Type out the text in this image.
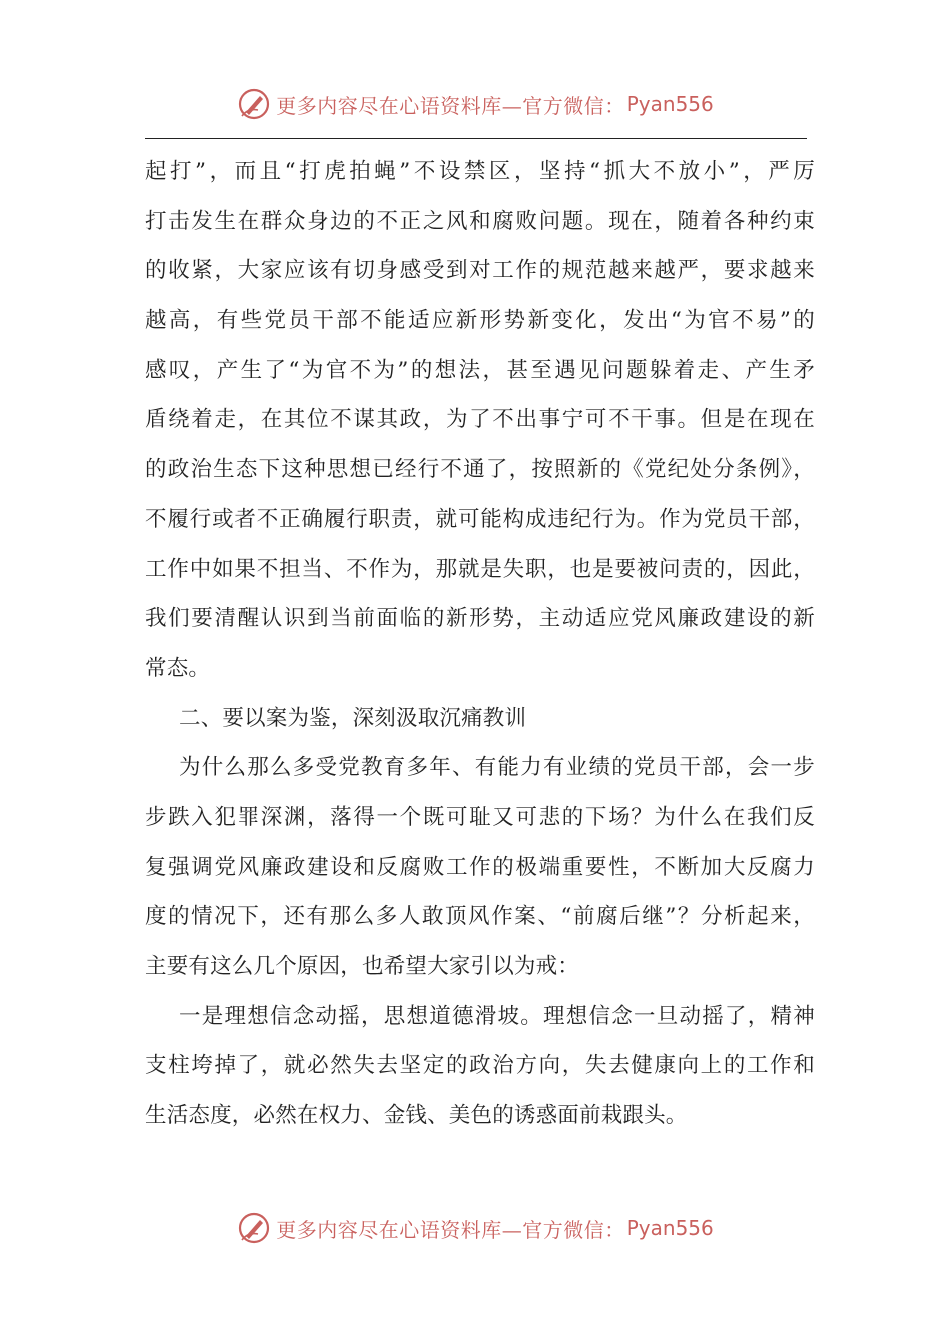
更多内容尽在心语资料库—官方微信： Pyan556
起打”，而且“打虎拍蝇”不设禁区，坚持“抓大不放小”，严厉
打击发生在群众身边的不正之风和腐败问题。现在，随着各种约束
的收紧，大家应该有切身感受到对工作的规范越来越严，要求越来
越高，有些党员干部不能适应新形势新变化，发出“为官不易”的
感叹，产生了“为官不为”的想法，甚至遇见问题躲着走、产生矛
盾绕着走，在其位不谋其政，为了不出事宁可不干事。但是在现在
的政治生态下这种思想已经行不通了，按照新的《党纪处分条例》，
不履行或者不正确履行职责，就可能构成违纪行为。作为党员干部，
工作中如果不担当、不作为，那就是失职，也是要被问责的，因此，
我们要清醒认识到当前面临的新形势，主动适应党风廉政建设的新
常态。
二、要以案为鉴，深刻汲取沉痛教训
为什么那么多受党教育多年、有能力有业绩的党员干部，会一步
步跌入犯罪深渊，落得一个既可耻又可悲的下场？为什么在我们反
复强调党风廉政建设和反腐败工作的极端重要性，不断加大反腐力
度的情况下，还有那么多人敢顶风作案、“前腐后继”？分析起来，
主要有这么几个原因，也希望大家引以为戒：
一是理想信念动摇，思想道德滑坡。理想信念一旦动摇了，精神
支柱垮掉了，就必然失去坚定的政治方向，失去健康向上的工作和
生活态度，必然在权力、金钱、美色的诱惑面前栽跟头。
更多内容尽在心语资料库—官方微信： Pyan556
